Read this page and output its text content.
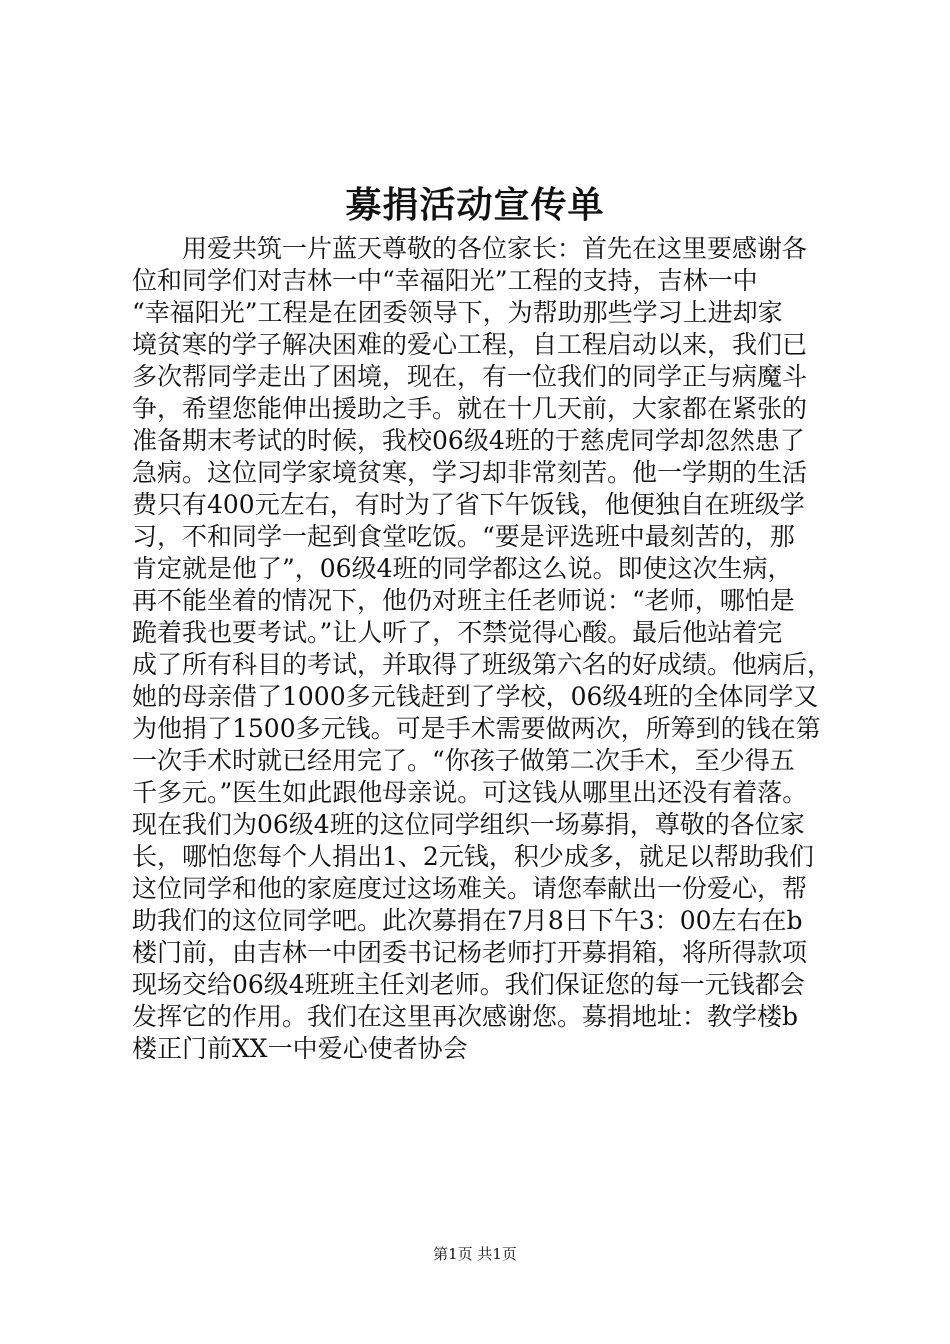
募捐活动宣传单
　　用爱共筑一片蓝天尊敬的各位家长：首先在这里要感谢各
位和同学们对吉林一中“幸福阳光”工程的支持，吉林一中
“幸福阳光”工程是在团委领导下，为帮助那些学习上进却家
境贫寒的学子解决困难的爱心工程，自工程启动以来，我们已
多次帮同学走出了困境，现在，有一位我们的同学正与病魔斗
争，希望您能伸出援助之手。就在十几天前，大家都在紧张的
准备期末考试的时候，我校06级4班的于慈虎同学却忽然患了
急病。这位同学家境贫寒，学习却非常刻苦。他一学期的生活
费只有400元左右，有时为了省下午饭钱，他便独自在班级学
习，不和同学一起到食堂吃饭。“要是评选班中最刻苦的，那
肯定就是他了”，06级4班的同学都这么说。即使这次生病，
再不能坐着的情况下，他仍对班主任老师说：“老师，哪怕是
跪着我也要考试。”让人听了，不禁觉得心酸。最后他站着完
成了所有科目的考试，并取得了班级第六名的好成绩。他病后，
她的母亲借了1000多元钱赶到了学校，06级4班的全体同学又
为他捐了1500多元钱。可是手术需要做两次，所筹到的钱在第
一次手术时就已经用完了。“你孩子做第二次手术，至少得五
千多元。”医生如此跟他母亲说。可这钱从哪里出还没有着落。
现在我们为06级4班的这位同学组织一场募捐，尊敬的各位家
长，哪怕您每个人捐出1、2元钱，积少成多，就足以帮助我们
这位同学和他的家庭度过这场难关。请您奉献出一份爱心，帮
助我们的这位同学吧。此次募捐在7月8日下午3：00左右在b
楼门前，由吉林一中团委书记杨老师打开募捐箱，将所得款项
现场交给06级4班班主任刘老师。我们保证您的每一元钱都会
发挥它的作用。我们在这里再次感谢您。募捐地址：教学楼b
楼正门前XX一中爱心使者协会
第1页 共1页
